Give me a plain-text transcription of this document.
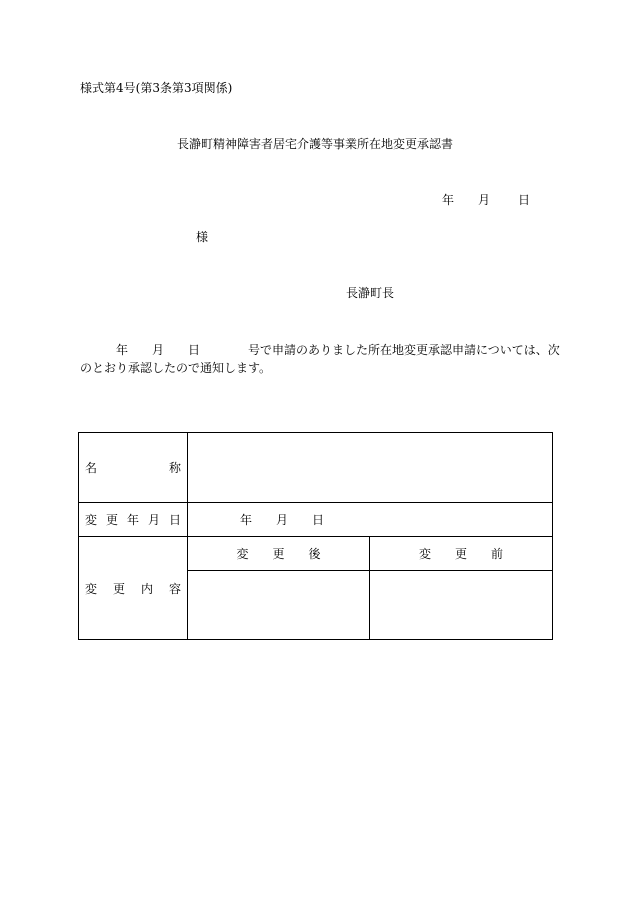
様式第4号(第3条第3項関係)
長瀞町精神障害者居宅介護等事業所在地変更承認書
年 月 日
様
長瀞町長
年 月 日	号で申請のありました所在地変更承認申請については、次
のとおり承認したので通知します。
名 称		

変 更 年 月 日	年 月 日	

変 更 内 容	変 更 後	変 更 前
